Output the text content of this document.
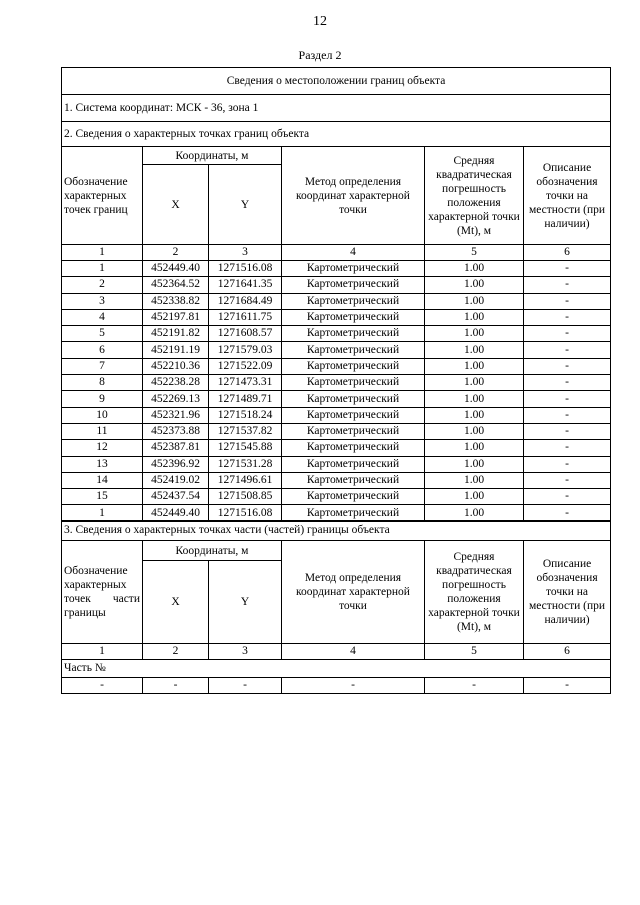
12
Раздел 2
Сведения о местоположении границ объекта					
1. Система координат: МСК - 36, зона 1					
2. Сведения о характерных точках границ объекта					
Обозначение характерных точек границ	Координаты, м		Метод определения координат характерной точки	Средняя квадратическая погрешность положения характерной точки (Mt), м	Описание обозначения точки на местности (при наличии)
	X	Y			
1	2	3	4	5	6
1	452449.40	1271516.08	Картометрический	1.00	-
2	452364.52	1271641.35	Картометрический	1.00	-
3	452338.82	1271684.49	Картометрический	1.00	-
4	452197.81	1271611.75	Картометрический	1.00	-
5	452191.82	1271608.57	Картометрический	1.00	-
6	452191.19	1271579.03	Картометрический	1.00	-
7	452210.36	1271522.09	Картометрический	1.00	-
8	452238.28	1271473.31	Картометрический	1.00	-
9	452269.13	1271489.71	Картометрический	1.00	-
10	452321.96	1271518.24	Картометрический	1.00	-
11	452373.88	1271537.82	Картометрический	1.00	-
12	452387.81	1271545.88	Картометрический	1.00	-
13	452396.92	1271531.28	Картометрический	1.00	-
14	452419.02	1271496.61	Картометрический	1.00	-
15	452437.54	1271508.85	Картометрический	1.00	-
1	452449.40	1271516.08	Картометрический	1.00	-
3. Сведения о характерных точках части (частей) границы объекта					
Обозначение характерных точек части границы	Координаты, м		Метод определения координат характерной точки	Средняя квадратическая погрешность положения характерной точки (Mt), м	Описание обозначения точки на местности (при наличии)
	X	Y			
1	2	3	4	5	6
Часть №					
-	-	-	-	-	-
